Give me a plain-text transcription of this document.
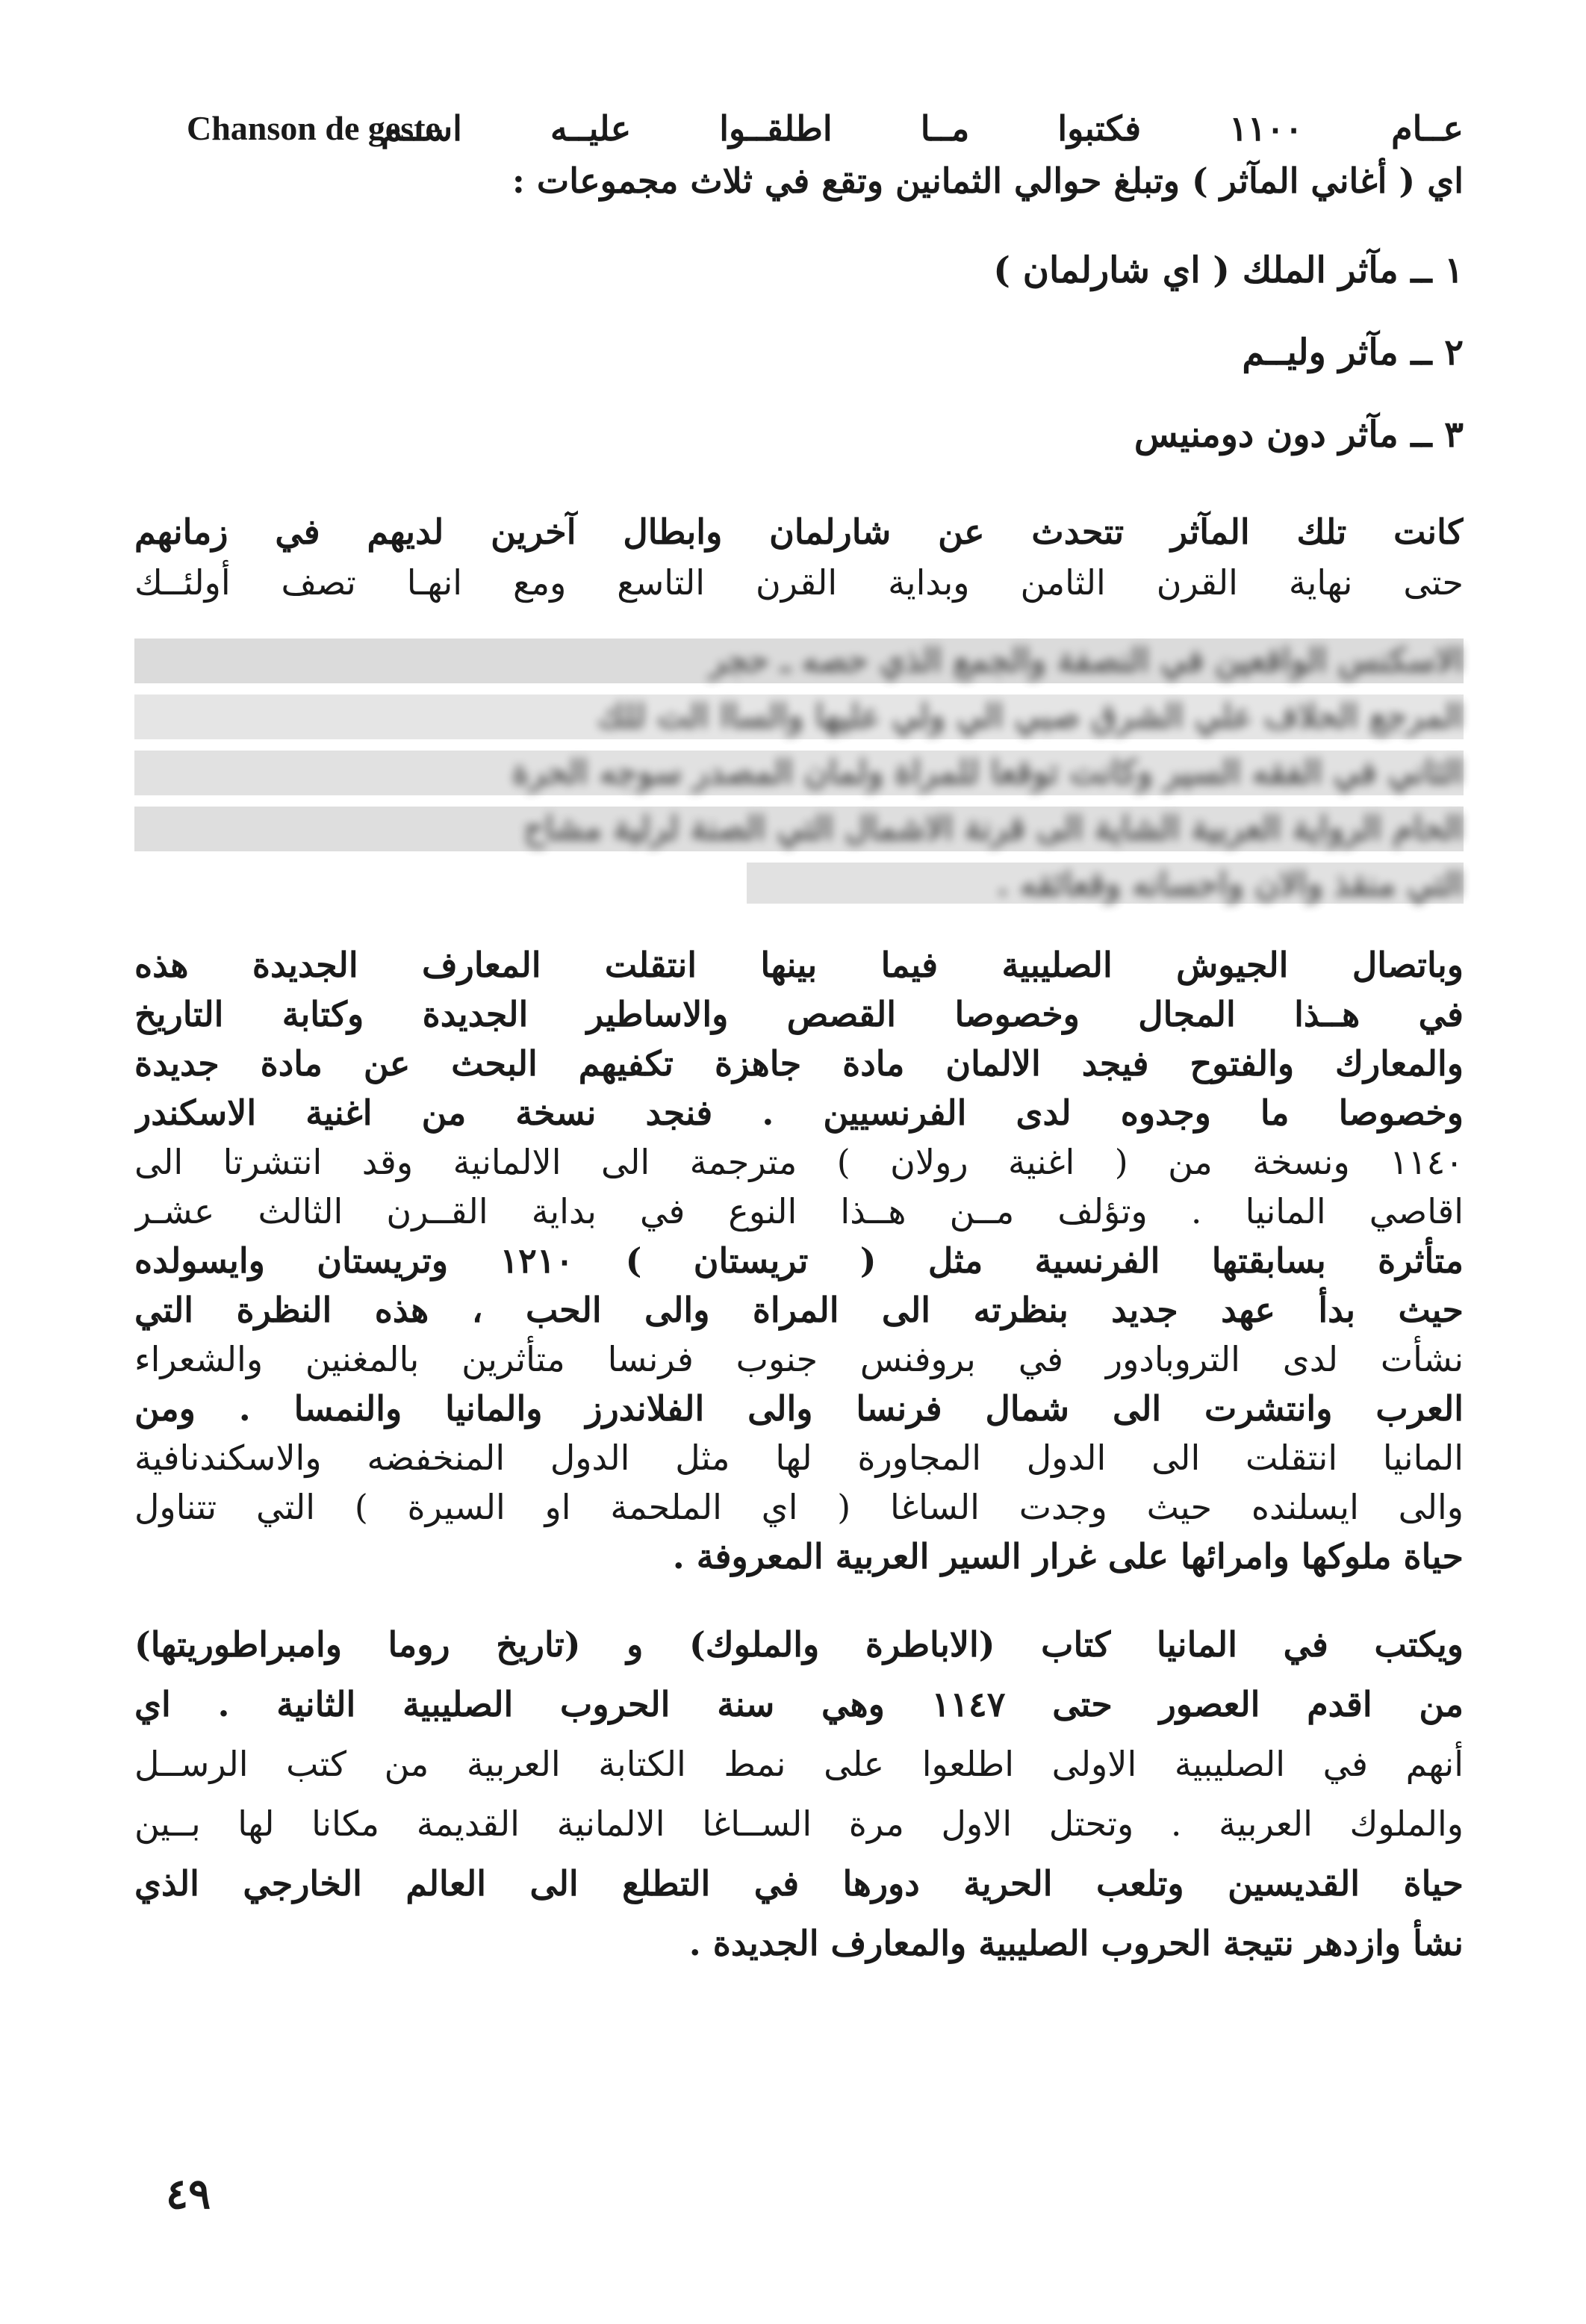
عــام ١١٠٠ فكتبوا مــا اطلقــوا عليــه اســم
Chanson de geste
اي ( أغاني المآثر ) وتبلغ حوالي الثمانين وتقع في ثلاث مجموعات :
١ ــ مآثر الملك ( اي شارلمان )
٢ ــ مآثر وليــم
٣ ــ مآثر دون دومنيس
كانت تلك المآثر تتحدث عن شارلمان وابطال آخرين لديهم في زمانهم
حتى نهاية القرن الثامن وبداية القرن التاسع ومع انهـا تصف أولئــك
الاسكنس الواقعين في النصفة والجمع الذي حصه ـ حجر
المرجع الحلاف علي الشرق صبي الي ولي عليها والساا الت للك
الثاني في الفقه السير وكانت توقعا للمراة ولمان المصدر سوجه الحرة
الحام الرواية العربية الشاية الى قرنة الاشمال التي الصنة لرلية مشاح
التي منقذ والان واحسانه وقعائقه .
وباتصال الجيوش الصليبية فيما بينها انتقلت المعارف الجديدة هذه
في هــذا المجال وخصوصا القصص والاساطير الجديدة وكتابة التاريخ
والمعارك والفتوح فيجد الالمان مادة جاهزة تكفيهم البحث عن مادة جديدة
وخصوصا ما وجدوه لدى الفرنسيين . فنجد نسخة من اغنية الاسكندر
١١٤٠ ونسخة من ( اغنية رولان ) مترجمة الى الالمانية وقد انتشرتا الى
اقاصي المانيا . وتؤلف مــن هــذا النوع في بداية القــرن الثالث عشـر
متأثرة بسابقتها الفرنسية مثل ( تريستان ) ١٢١٠ وتريستان وايسولده
حيث بدأ عهد جديد بنظرته الى المراة والى الحب ، هذه النظرة التي
نشأت لدى التروبادور في بروفنس جنوب فرنسا متأثرين بالمغنين والشعراء
العرب وانتشرت الى شمال فرنسا والى الفلاندرز والمانيا والنمسا . ومن
المانيا انتقلت الى الدول المجاورة لها مثل الدول المنخفضه والاسكندنافية
والى ايسلنده حيث وجدت الساغا ( اي الملحمة او السيرة ) التي تتناول
حياة ملوكها وامرائها على غرار السير العربية المعروفة .
ويكتب في المانيا كتاب (الاباطرة والملوك) و (تاريخ روما وامبراطوريتها)
من اقدم العصور حتى ١١٤٧ وهي سنة الحروب الصليبية الثانية . اي
أنهم في الصليبية الاولى اطلعوا على نمط الكتابة العربية من كتب الرســل
والملوك العربية . وتحتل الاول مرة الســاغا الالمانية القديمة مكانا لها بــين
حياة القديسين وتلعب الحرية دورها في التطلع الى العالم الخارجي الذي
نشأ وازدهر نتيجة الحروب الصليبية والمعارف الجديدة .
٤٩
